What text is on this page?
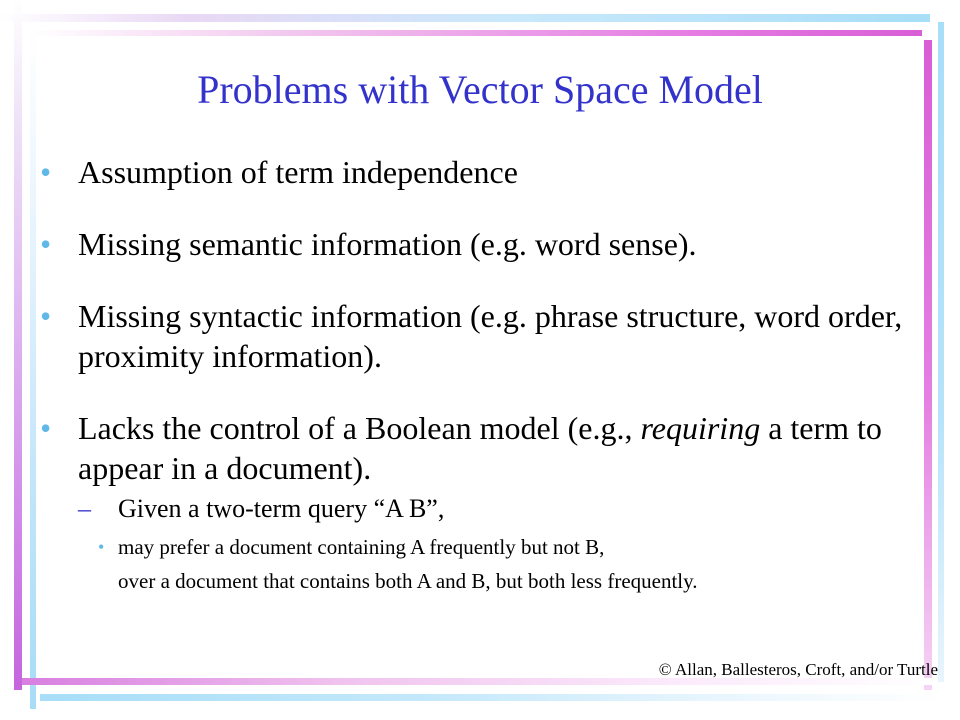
Problems with Vector Space Model
• Assumption of term independence
• Missing semantic information (e.g. word sense).
• Missing syntactic information (e.g. phrase structure, word order, proximity information).
• Lacks the control of a Boolean model (e.g., requiring a term to appear in a document).
– Given a two-term query “A B”,
• may prefer a document containing A frequently but not B,
over a document that contains both A and B, but both less frequently.
© Allan, Ballesteros, Croft, and/or Turtle
